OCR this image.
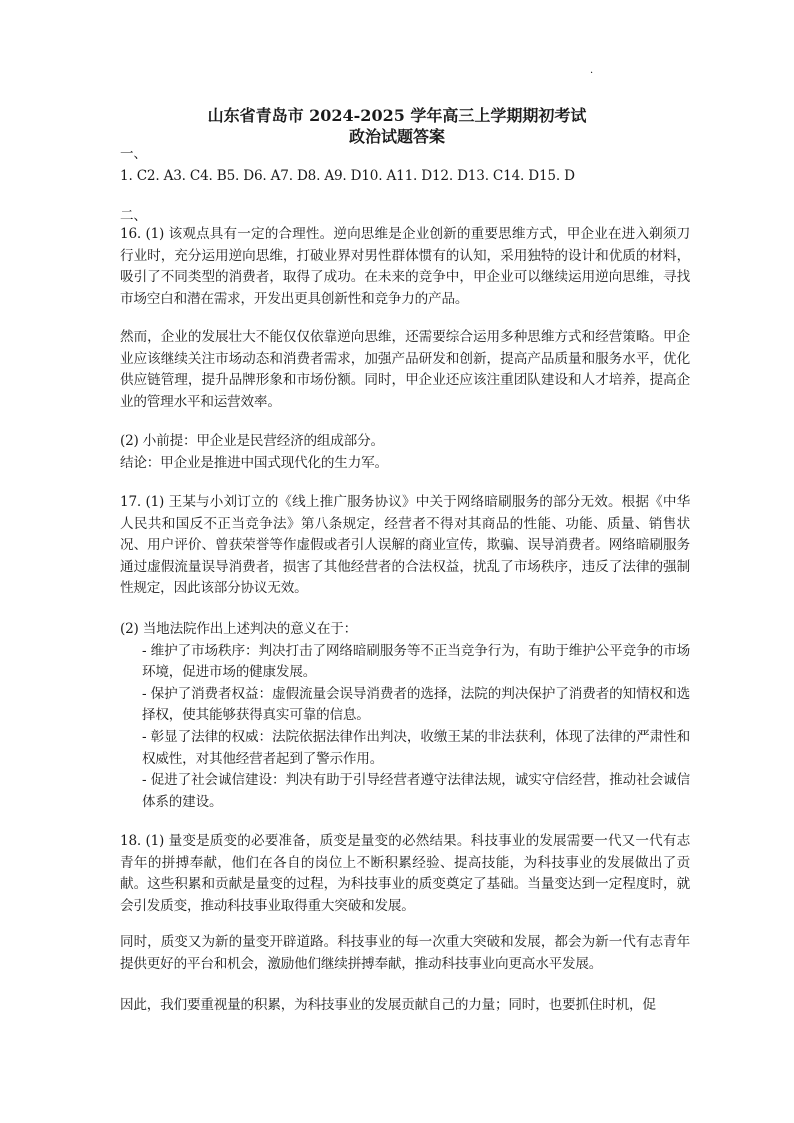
·
山东省青岛市 2024-2025 学年高三上学期期初考试
政治试题答案

一、

1. C2. A3. C4. B5. D6. A7. D8. A9. D10. A11. D12. D13. C14. D15. D

二、

16. (1) 该观点具有一定的合理性。逆向思维是企业创新的重要思维方式，甲企业在进入剃须刀行业时，充分运用逆向思维，打破业界对男性群体惯有的认知，采用独特的设计和优质的材料，吸引了不同类型的消费者，取得了成功。在未来的竞争中，甲企业可以继续运用逆向思维，寻找市场空白和潜在需求，开发出更具创新性和竞争力的产品。

然而，企业的发展壮大不能仅仅依靠逆向思维，还需要综合运用多种思维方式和经营策略。甲企业应该继续关注市场动态和消费者需求，加强产品研发和创新，提高产品质量和服务水平，优化供应链管理，提升品牌形象和市场份额。同时，甲企业还应该注重团队建设和人才培养，提高企业的管理水平和运营效率。

(2) 小前提：甲企业是民营经济的组成部分。

结论：甲企业是推进中国式现代化的生力军。

17. (1) 王某与小刘订立的《线上推广服务协议》中关于网络暗刷服务的部分无效。根据《中华人民共和国反不正当竞争法》第八条规定，经营者不得对其商品的性能、功能、质量、销售状况、用户评价、曾获荣誉等作虚假或者引人误解的商业宣传，欺骗、误导消费者。网络暗刷服务通过虚假流量误导消费者，损害了其他经营者的合法权益，扰乱了市场秩序，违反了法律的强制性规定，因此该部分协议无效。

(2) 当地法院作出上述判决的意义在于：

- 维护了市场秩序：判决打击了网络暗刷服务等不正当竞争行为，有助于维护公平竞争的市场环境，促进市场的健康发展。

- 保护了消费者权益：虚假流量会误导消费者的选择，法院的判决保护了消费者的知情权和选择权，使其能够获得真实可靠的信息。

- 彰显了法律的权威：法院依据法律作出判决，收缴王某的非法获利，体现了法律的严肃性和权威性，对其他经营者起到了警示作用。

- 促进了社会诚信建设：判决有助于引导经营者遵守法律法规，诚实守信经营，推动社会诚信体系的建设。

18. (1) 量变是质变的必要准备，质变是量变的必然结果。科技事业的发展需要一代又一代有志青年的拼搏奉献，他们在各自的岗位上不断积累经验、提高技能，为科技事业的发展做出了贡献。这些积累和贡献是量变的过程，为科技事业的质变奠定了基础。当量变达到一定程度时，就会引发质变，推动科技事业取得重大突破和发展。

同时，质变又为新的量变开辟道路。科技事业的每一次重大突破和发展，都会为新一代有志青年提供更好的平台和机会，激励他们继续拼搏奉献，推动科技事业向更高水平发展。

因此，我们要重视量的积累，为科技事业的发展贡献自己的力量；同时，也要抓住时机，促
